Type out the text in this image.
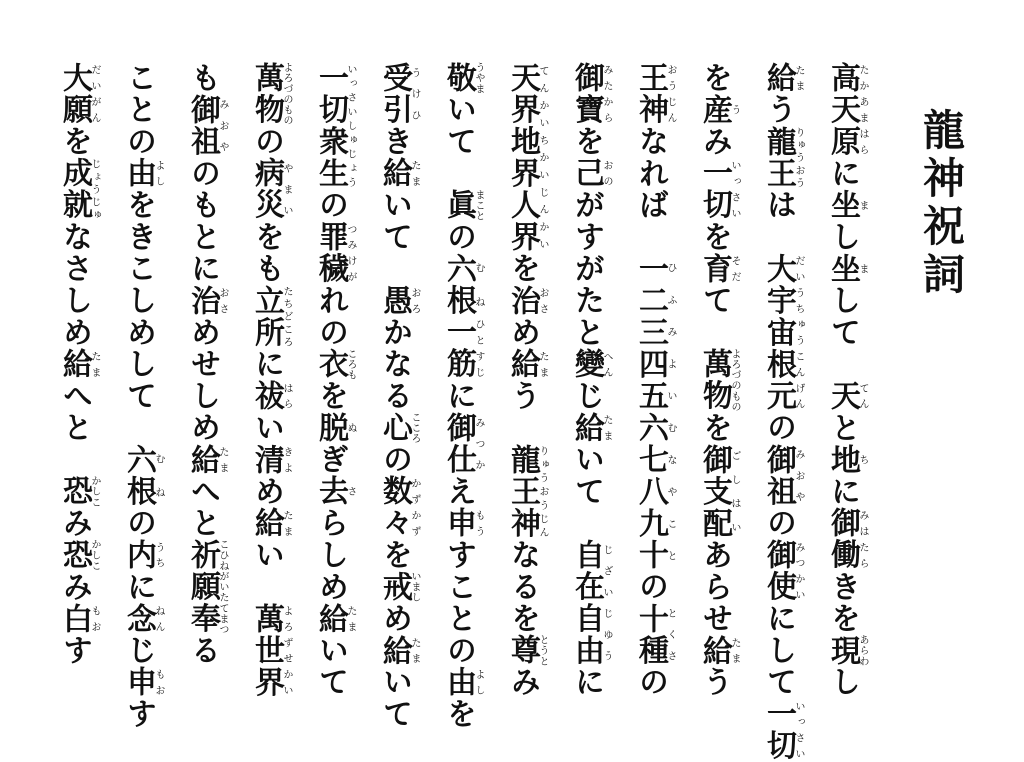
龍神祝詞
高天原たかあまはらに坐まし坐まして　天てんと地ちに御働みはたらきを現あらわし
給たまう龍王りゅうおうは　大宇宙根元だいうちゅうこんげんの御祖みおやの御使みつかいにして一切いっさい
を産うみ一切いっさいを育そだて　萬物よろづのものを御支配ごしはいあらせ給たまう
王神おうじんなれば　一二三四五六七八九十ひふみよいむなやことの十種とくさの
御寶みたからを己おのがすがたと變へんじ給たまいて　自在自由じざいじゆうに
天界地界人界てんかいちかいじんかいを治おさめ給たまう　龍王神りゅうおうじんなるを尊とうとみ
敬うやまいて　眞まことの六根むね一筋ひとすじに御仕みつかえ申もうすことの由よしを
受引うけひき給たまいて　愚おろかなる心こころの数々かずかずを戒いましめ給たまいて
一切衆生いっさいしゅじょうの罪穢つみけがれの衣ころもを脱ぬぎ去さらしめ給たまいて
萬物よろづのものの病災やまいをも立所たちどころに祓はらい清きよめ給たまい　萬世界よろずせかい
も御祖みおやのもとに治おさめせしめ給たまへと祈願奉こひねがいたてまつる
ことの由よしをきこしめして　六根むねの内うちに念ねんじ申もおす
大願だいがんを成就じょうじゅなさしめ給たまへと　恐かしこみ恐かしこみ白もおす
